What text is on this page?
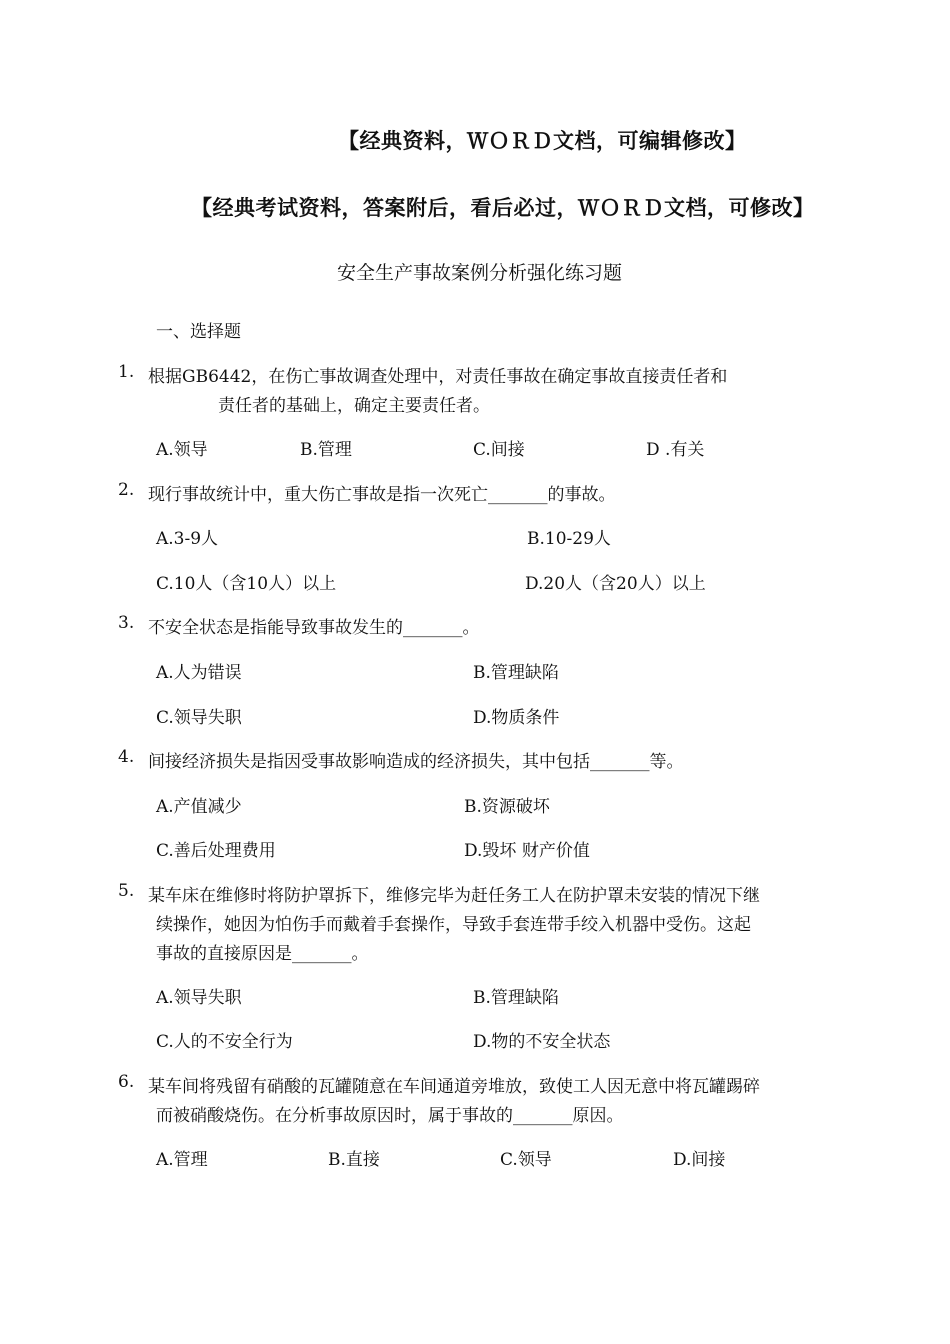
【经典资料，ＷＯＲＤ文档，可编辑修改】
【经典考试资料，答案附后，看后必过，ＷＯＲＤ文档，可修改】
安全生产事故案例分析强化练习题
一、选择题
1. 根据GB6442，在伤亡事故调查处理中，对责任事故在确定事故直接责任者和
责任者的基础上，确定主要责任者。
A.领导	B.管理	C.间接	D .有关
2. 现行事故统计中，重大伤亡事故是指一次死亡_______的事故。
A.3-9人	B.10-29人
C.10人（含10人）以上	D.20人（含20人）以上
3. 不安全状态是指能导致事故发生的_______。
A.人为错误	B.管理缺陷
C.领导失职	D.物质条件
4. 间接经济损失是指因受事故影响造成的经济损失，其中包括_______等。
A.产值减少	B.资源破坏
C.善后处理费用	D.毁坏 财产价值
5. 某车床在维修时将防护罩拆下，维修完毕为赶任务工人在防护罩未安装的情况下继
续操作，她因为怕伤手而戴着手套操作，导致手套连带手绞入机器中受伤。这起
事故的直接原因是_______。
A.领导失职	B.管理缺陷
C.人的不安全行为	D.物的不安全状态
6. 某车间将残留有硝酸的瓦罐随意在车间通道旁堆放，致使工人因无意中将瓦罐踢碎
而被硝酸烧伤。在分析事故原因时，属于事故的_______原因。
A.管理	B.直接	C.领导	D.间接
